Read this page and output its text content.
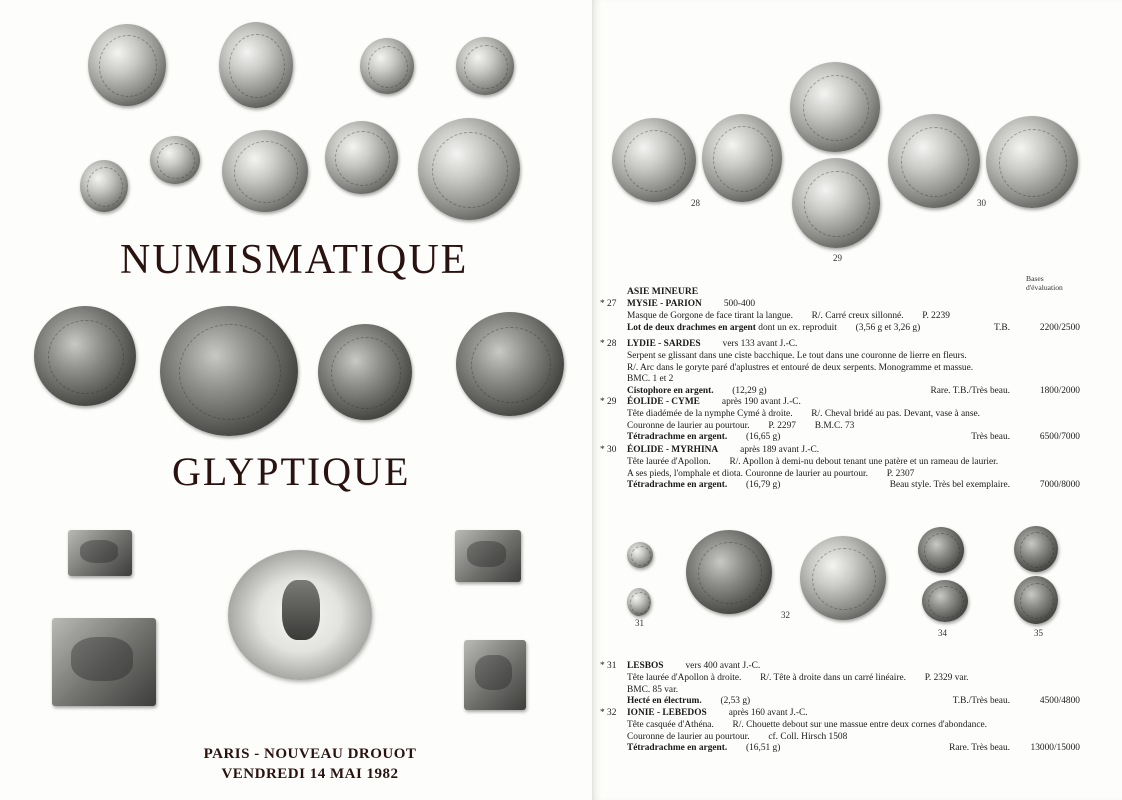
NUMISMATIQUE
GLYPTIQUE
PARIS - NOUVEAU DROUOT
VENDREDI 14 MAI 1982
28
29
30
Bases
d'évaluation
ASIE MINEURE
* 27 MYSIE - PARION 500-400
Masque de Gorgone de face tirant la langue.        R/. Carré creux sillonné.        P. 2239
Lot de deux drachmes en argent dont un ex. reproduit        (3,56 g et 3,26 g)	T.B.	2200/2500
* 28 LYDIE - SARDES vers 133 avant J.-C.
Serpent se glissant dans une ciste bacchique. Le tout dans une couronne de lierre en fleurs.
R/. Arc dans le goryte paré d'aplustres et entouré de deux serpents. Monogramme et massue.
BMC. 1 et 2
Cistophore en argent.        (12,29 g)	Rare. T.B./Très beau.	1800/2000
* 29 ÉOLIDE - CYME après 190 avant J.-C.
Tête diadémée de la nymphe Cymé à droite.        R/. Cheval bridé au pas. Devant, vase à anse.
Couronne de laurier au pourtour.        P. 2297        B.M.C. 73
Tétradrachme en argent.        (16,65 g)	Très beau.	6500/7000
* 30 ÉOLIDE - MYRHINA après 189 avant J.-C.
Tête laurée d'Apollon.        R/. Apollon à demi-nu debout tenant une patère et un rameau de laurier.
A ses pieds, l'omphale et diota. Couronne de laurier au pourtour.        P. 2307
Tétradrachme en argent.        (16,79 g)	Beau style. Très bel exemplaire.	7000/8000
31
32
34	35
* 31 LESBOS vers 400 avant J.-C.
Tête laurée d'Apollon à droite.        R/. Tête à droite dans un carré linéaire.        P. 2329 var.
BMC. 85 var.
Hecté en électrum.        (2,53 g)	T.B./Très beau.	4500/4800
* 32 IONIE - LEBEDOS après 160 avant J.-C.
Tête casquée d'Athéna.        R/. Chouette debout sur une massue entre deux cornes d'abondance.
Couronne de laurier au pourtour.        cf. Coll. Hirsch 1508
Tétradrachme en argent.        (16,51 g)	Rare. Très beau. 13000/15000
